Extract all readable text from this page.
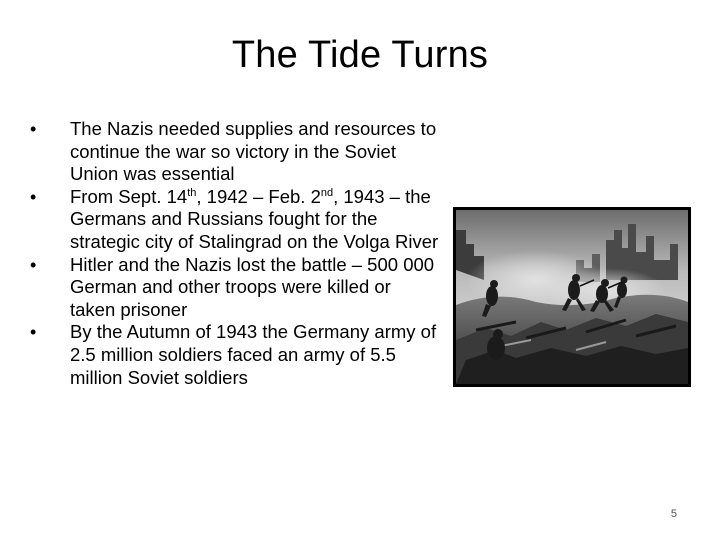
The Tide Turns
•	The Nazis needed supplies and resources to continue the war so victory in the Soviet Union was essential
•	From Sept. 14th, 1942 – Feb. 2nd, 1943 – the Germans and Russians fought for the strategic city of Stalingrad on the Volga River
•	Hitler and the Nazis lost the battle – 500 000 German and other troops were killed or taken prisoner
•	By the Autumn of 1943 the Germany army of 2.5 million soldiers faced an army of 5.5 million Soviet soldiers
5
